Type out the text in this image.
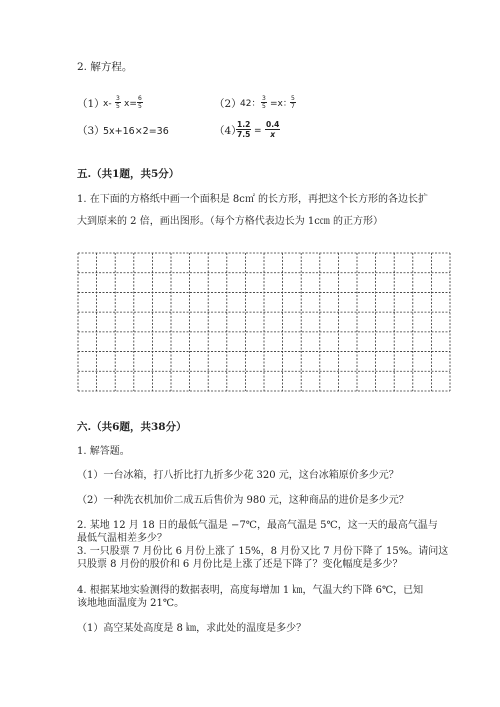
2. 解方程。
（1）
$x- \frac{3}{5} x= \frac{6}{5}$	（2）
42： $\frac{3}{5} =x$：
$\frac{5}{7}$
（3）
5x+16×2=36	（4）
$\frac{1.2}{7.5} = \frac{0.4}{x}$
五.（共1题，共5分）
1. 在下面的方格纸中画一个面积是 8c㎡ 的长方形，再把这个长方形的各边长扩
大到原来的 2 倍，画出图形。（每个方格代表边长为 1c㎝ 的正方形）
六.（共6题，共38分）
1. 解答题。
（1）一台冰箱，打八折比打九折多少花 320 元，这台冰箱原价多少元？
（2）一种洗衣机加价二成五后售价为 980 元，这种商品的进价是多少元？
2. 某地 12 月 18 日的最低气温是 −7℃，最高气温是 5℃，这一天的最高气温与
最低气温相差多少？
3. 一只股票 7 月份比 6 月份上涨了 15%，8 月份又比 7 月份下降了 15%。请问这
只股票 8 月份的股价和 6 月份比是上涨了还是下降了？变化幅度是多少？
4. 根据某地实验测得的数据表明，高度每增加 1 ㎞，气温大约下降 6℃，已知
该地地面温度为 21℃。
（1）高空某处高度是 8 ㎞，求此处的温度是多少？
